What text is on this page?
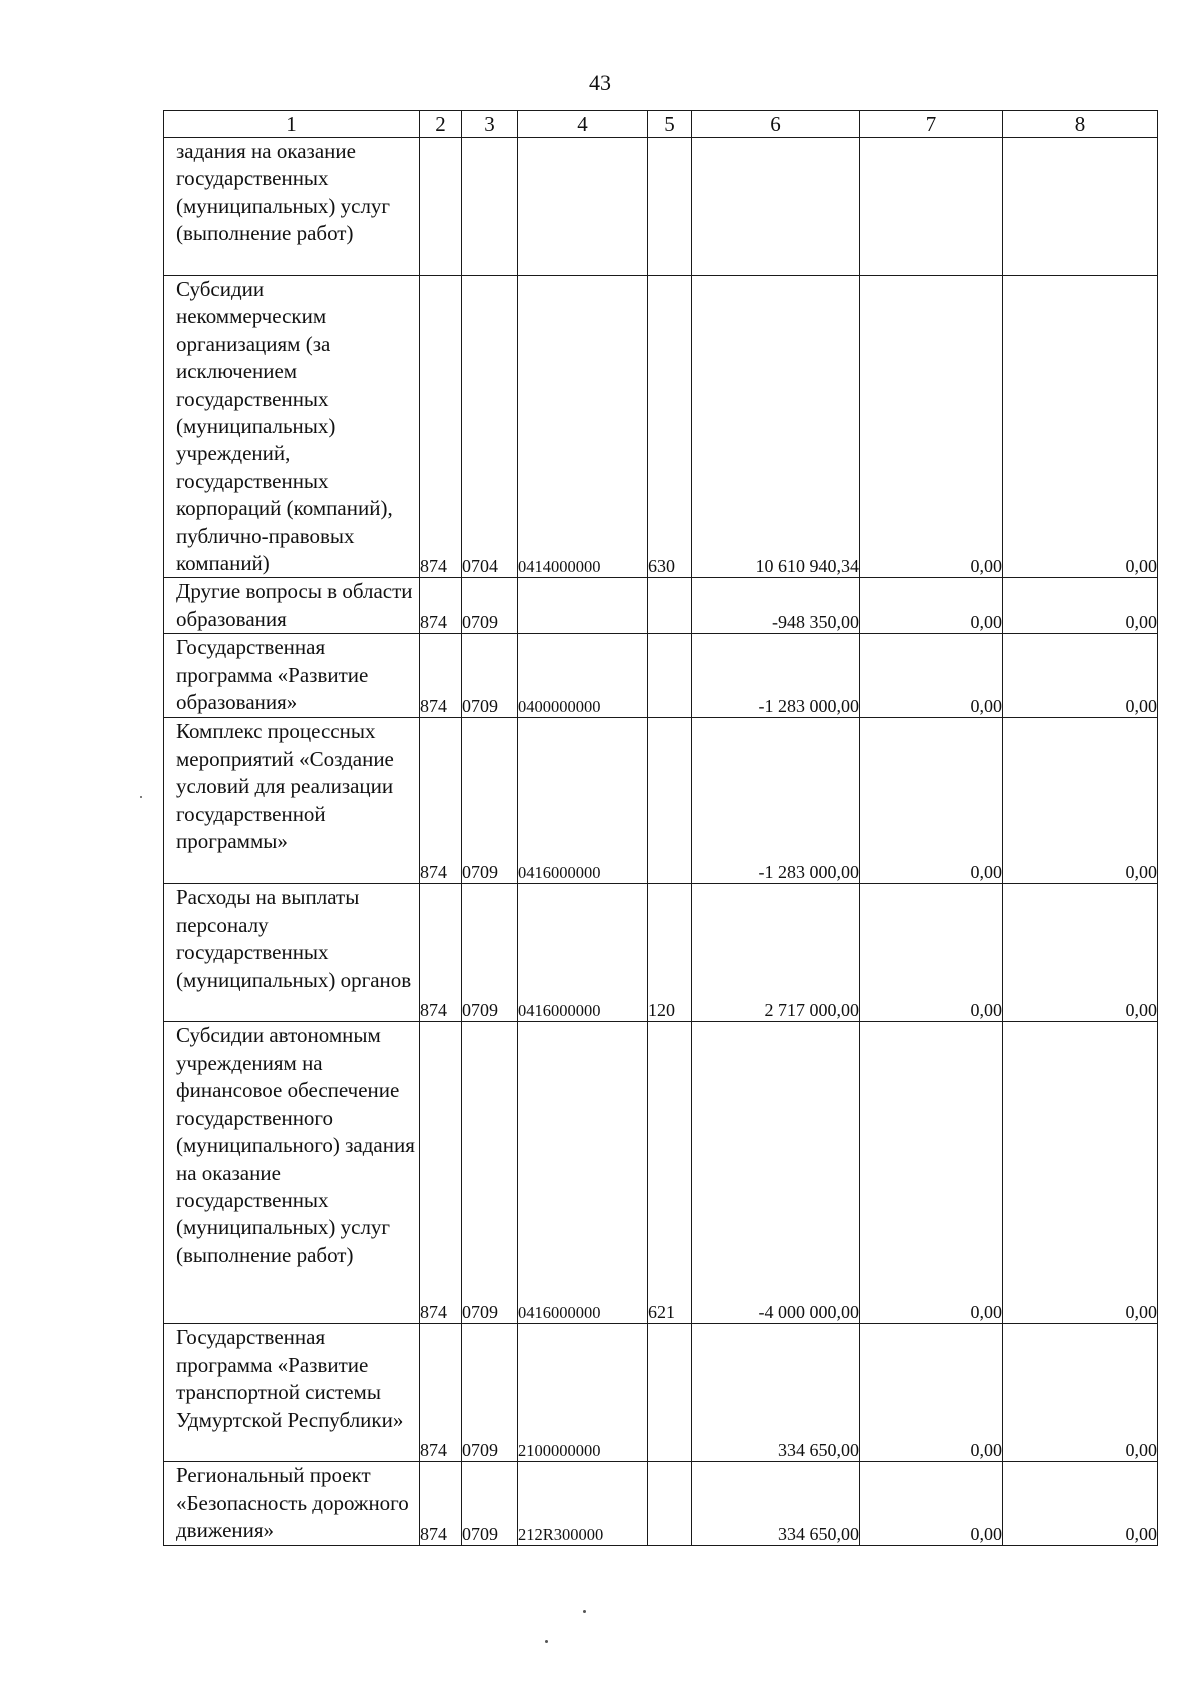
43
1	2	3	4	5	6	7	8
задания на оказание государственных (муниципальных) услуг (выполнение работ)							
Субсидии некоммерческим организациям (за исключением государственных (муниципальных) учреждений, государственных корпораций (компаний), публично-правовых компаний)	874	0704	0414000000	630	10 610 940,34	0,00	0,00
Другие вопросы в области образования	874	0709			-948 350,00	0,00	0,00
Государственная программа «Развитие образования»	874	0709	0400000000		-1 283 000,00	0,00	0,00
Комплекс процессных мероприятий «Создание условий для реализации государственной программы»	874	0709	0416000000		-1 283 000,00	0,00	0,00
Расходы на выплаты персоналу государственных (муниципальных) органов	874	0709	0416000000	120	2 717 000,00	0,00	0,00
Субсидии автономным учреждениям на финансовое обеспечение государственного (муниципального) задания на оказание государственных (муниципальных) услуг (выполнение работ)	874	0709	0416000000	621	-4 000 000,00	0,00	0,00
Государственная программа «Развитие транспортной системы Удмуртской Республики»	874	0709	2100000000		334 650,00	0,00	0,00
Региональный проект «Безопасность дорожного движения»	874	0709	212R300000		334 650,00	0,00	0,00
